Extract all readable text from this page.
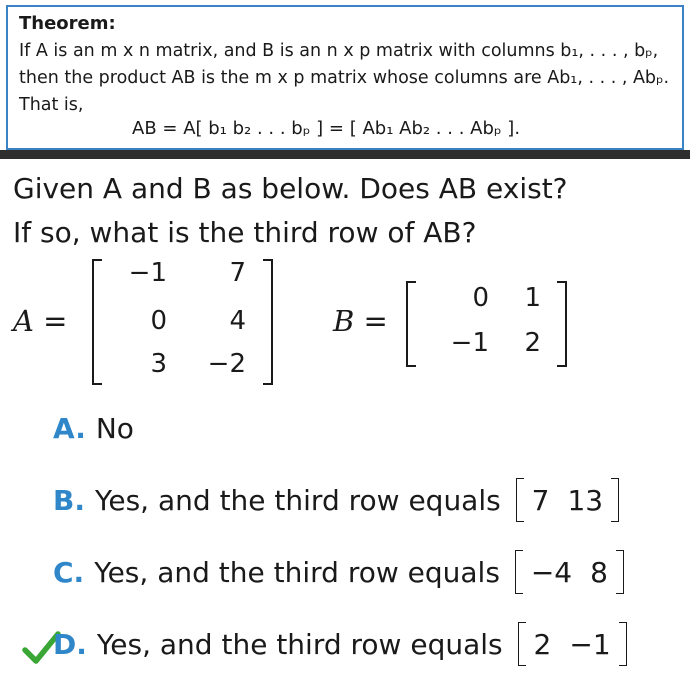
Theorem:
If A is an m x n matrix, and B is an n x p matrix with columns b₁, . . . , bₚ,
then the product AB is the m x p matrix whose columns are Ab₁, . . . , Abₚ.
That is,
AB = A[ b₁ b₂ . . . bₚ ] = [ Ab₁ Ab₂ . . . Abₚ ].
Given A and B as below. Does AB exist?
If so, what is the third row of AB?
A =
−1	7
0	4
3	−2
B =
0	1
−1	2
A. No
B. Yes, and the third row equals 7 13
C. Yes, and the third row equals −4 8
D. Yes, and the third row equals 2 −1
